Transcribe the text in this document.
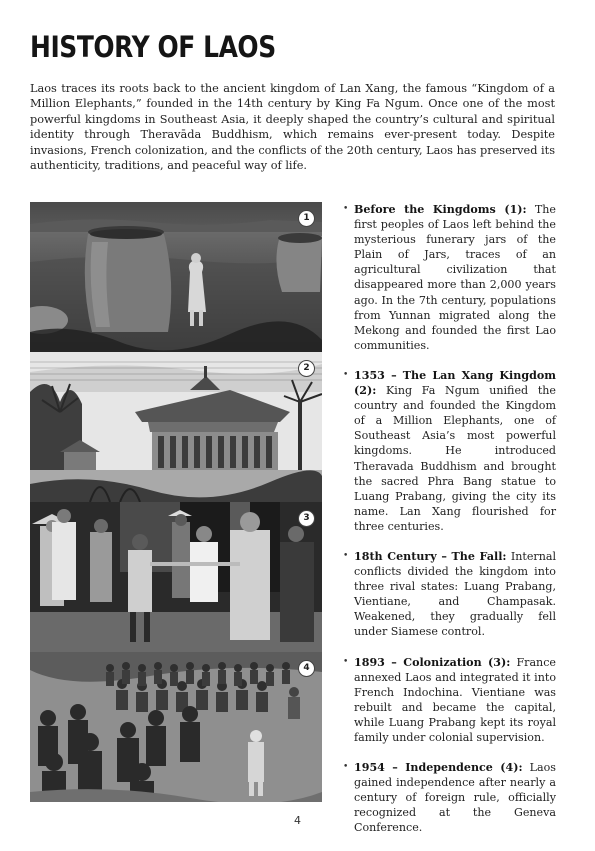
HISTORY OF LAOS

Laos traces its roots back to the ancient kingdom of Lan Xang, the famous “Kingdom of a Million Elephants,” founded in the 14th century by King Fa Ngum. Once one of the most powerful kingdoms in Southeast Asia, it deeply shaped the country’s cultural and spiritual identity through Theravāda Buddhism, which remains ever-present today. Despite invasions, French colonization, and the conflicts of the 20th century, Laos has preserved its authenticity, traditions, and peaceful way of life.

1
2
3
4
• Before the Kingdoms (1): The first peoples of Laos left behind the mysterious funerary jars of the Plain of Jars, traces of an agricultural civilization that disappeared more than 2,000 years ago. In the 7th century, populations from Yunnan migrated along the Mekong and founded the first Lao communities.
• 1353 – The Lan Xang Kingdom (2): King Fa Ngum unified the country and founded the Kingdom of a Million Elephants, one of Southeast Asia’s most powerful kingdoms. He introduced Theravada Buddhism and brought the sacred Phra Bang statue to Luang Prabang, giving the city its name. Lan Xang flourished for three centuries.
• 18th Century – The Fall: Internal conflicts divided the kingdom into three rival states: Luang Prabang, Vientiane, and Champasak. Weakened, they gradually fell under Siamese control.
• 1893 – Colonization (3): France annexed Laos and integrated it into French Indochina. Vientiane was rebuilt and became the capital, while Luang Prabang kept its royal family under colonial supervision.
• 1954 – Independence (4): Laos gained independence after nearly a century of foreign rule, officially recognized at the Geneva Conference.
4
